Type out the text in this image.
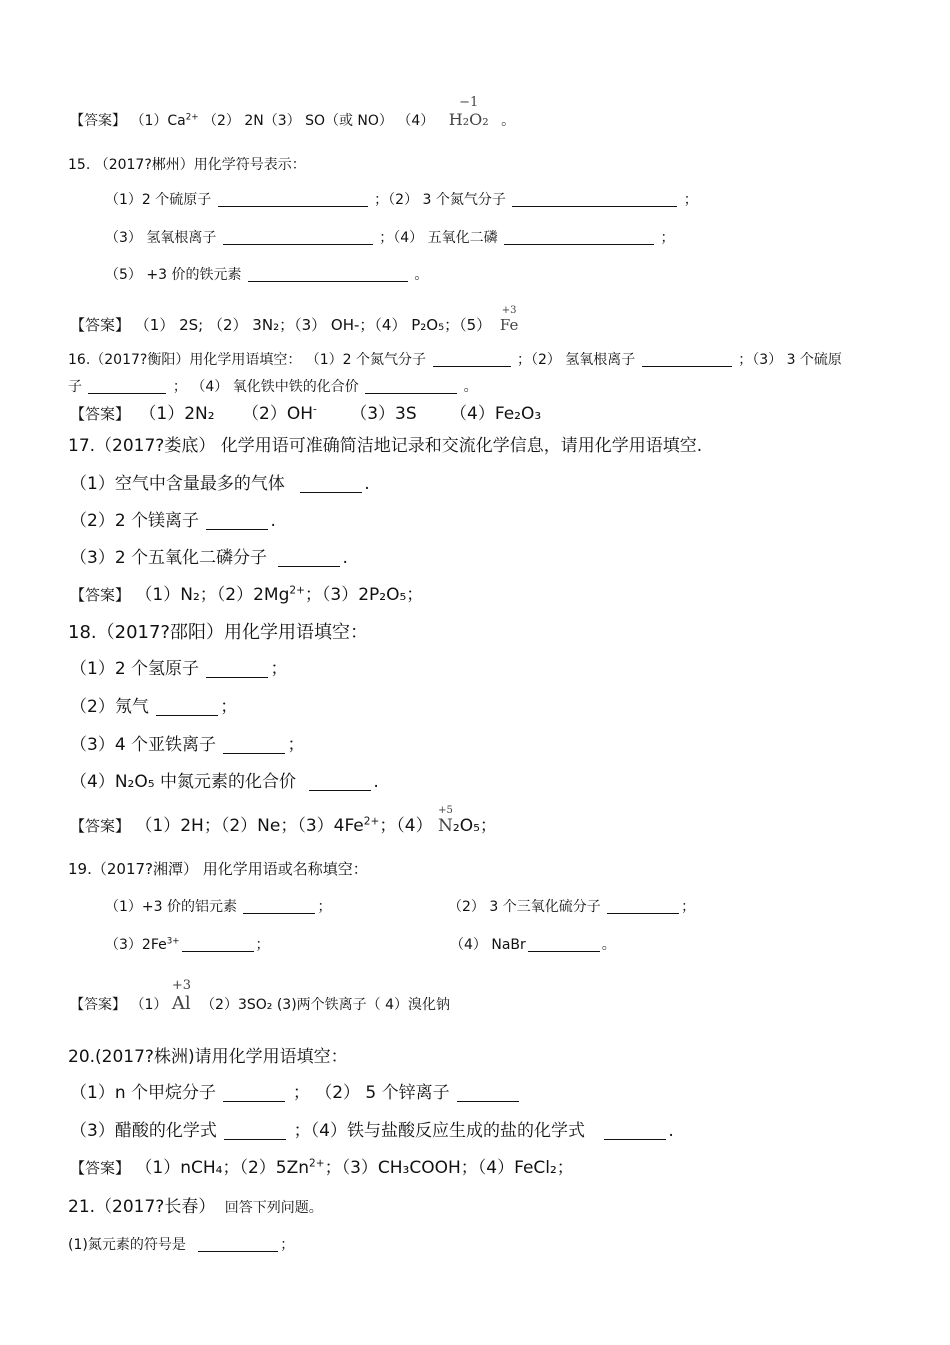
【答案】 $(1)Ca^{2+}$ （2） 2N（3） SO（或 NO） （4）
−1
H₂O₂ 。
15. （2017?郴州）用化学符号表示：
（1）2 个硫原子	；（2） 3 个氮气分子	；
（3） 氢氧根离子	；（4） 五氧化二磷	；
（5） +3 价的铁元素	。
【答案】 （1） 2S; （2） 3N₂；（3） OH-；（4） P₂O₅；（5）
+3
Fe
16.（2017?衡阳）用化学用语填空： （1）2 个氮气分子	；（2） 氢氧根离子	；（3） 3 个硫原
子	； （4） 氧化铁中铁的化合价	。
【答案】 （1）2N₂ （2）OH- （3）3S （4）Fe₂O₃
17.（2017?娄底） 化学用语可准确简洁地记录和交流化学信息，请用化学用语填空.
（1）空气中含量最多的气体	.
（2）2 个镁离子	.
（3）2 个五氧化二磷分子	.
【答案】 （1）N₂；$(2)2Mg^{2+}$；（3）2P₂O₅；
18.（2017?邵阳）用化学用语填空：
（1）2 个氢原子	；
（2）氖气	；
（3）4 个亚铁离子	；
（4）N₂O₅ 中氮元素的化合价	.
【答案】 （1）2H；（2）Ne；$(3)4Fe^{2+}$；（4）
+5
N₂O₅；
19.（2017?湘潭） 用化学用语或名称填空：
（1）+3 价的铝元素	；	（2） 3 个三氧化硫分子	；
$(3)2Fe^{3+}$	；	（4） NaBr	。
【答案】 （1）
+3
Al （2）3SO₂ (3)两个铁离子（ 4）溴化钠
20.(2017?株洲)请用化学用语填空：
（1）n 个甲烷分子	； （2） 5 个锌离子
（3）醋酸的化学式	；（4）铁与盐酸反应生成的盐的化学式	.
【答案】 （1）nCH₄；$(2)5Zn^{2+}$；（3）CH₃COOH；（4）FeCl₂；
21.（2017?长春） 回答下列问题。
(1)氮元素的符号是	；
